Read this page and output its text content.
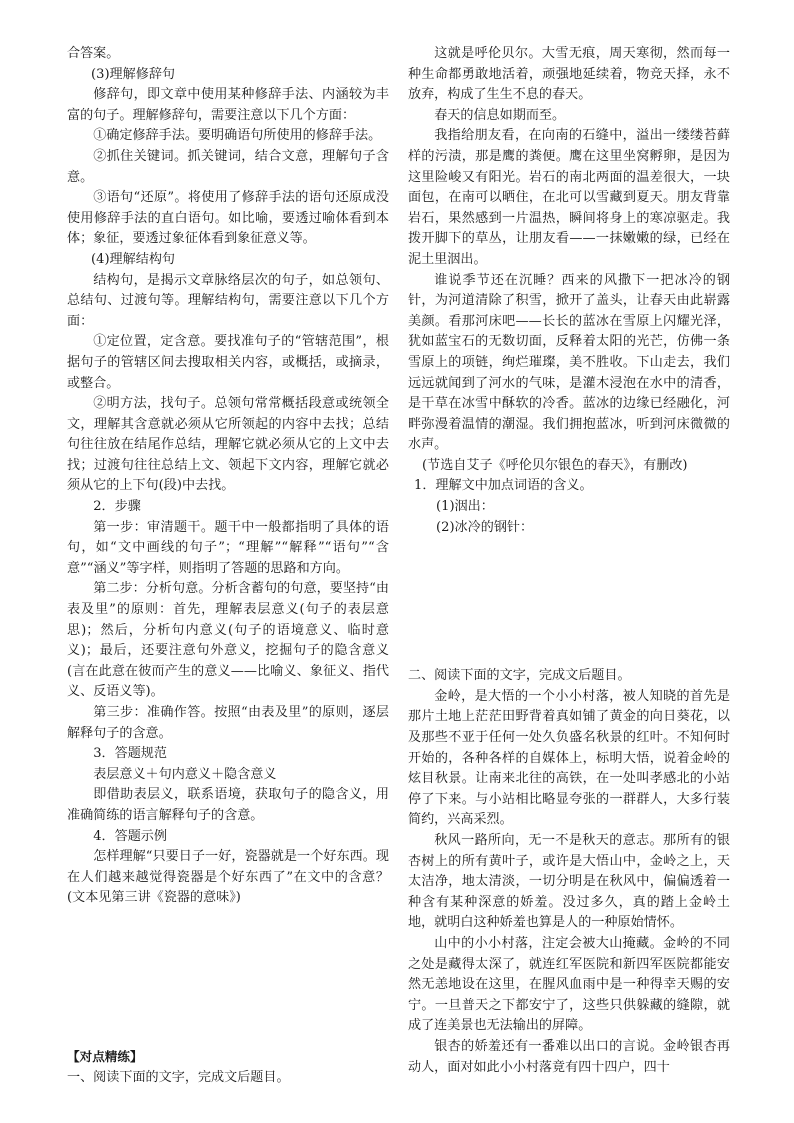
合答案。

(3)理解修辞句

修辞句，即文章中使用某种修辞手法、内涵较为丰富的句子。理解修辞句，需要注意以下几个方面：

①确定修辞手法。要明确语句所使用的修辞手法。

②抓住关键词。抓关键词，结合文意，理解句子含意。

③语句“还原”。将使用了修辞手法的语句还原成没使用修辞手法的直白语句。如比喻，要透过喻体看到本体；象征，要透过象征体看到象征意义等。

(4)理解结构句

结构句，是揭示文章脉络层次的句子，如总领句、总结句、过渡句等。理解结构句，需要注意以下几个方面：

①定位置，定含意。要找准句子的“管辖范围”，根据句子的管辖区间去搜取相关内容，或概括，或摘录，或整合。

②明方法，找句子。总领句常常概括段意或统领全文，理解其含意就必须从它所领起的内容中去找；总结句往往放在结尾作总结，理解它就必须从它的上文中去找；过渡句往往总结上文、领起下文内容，理解它就必须从它的上下句(段)中去找。

2．步骤

第一步：审清题干。题干中一般都指明了具体的语句，如“文中画线的句子”；“理解”“解释”“语句”“含意”“涵义”等字样，则指明了答题的思路和方向。

第二步：分析句意。分析含蓄句的句意，要坚持“由表及里”的原则：首先，理解表层意义(句子的表层意思)；然后，分析句内意义(句子的语境意义、临时意义)；最后，还要注意句外意义，挖掘句子的隐含意义(言在此意在彼而产生的意义——比喻义、象征义、指代义、反语义等)。

第三步：准确作答。按照“由表及里”的原则，逐层解释句子的含意。

3．答题规范

表层意义＋句内意义＋隐含意义

即借助表层义，联系语境，获取句子的隐含义，用准确简练的语言解释句子的含意。

4．答题示例

怎样理解“只要日子一好，瓷器就是一个好东西。现在人们越来越觉得瓷器是个好东西了”在文中的含意？(文本见第三讲《瓷器的意味》)

【对点精练】

一、阅读下面的文字，完成文后题目。

这就是呼伦贝尔。大雪无痕，周天寒彻，然而每一种生命都勇敢地活着，顽强地延续着，物竞天择，永不放弃，构成了生生不息的春天。

春天的信息如期而至。

我指给朋友看，在向南的石缝中，溢出一缕缕苔藓样的污渍，那是鹰的粪便。鹰在这里坐窝孵卵，是因为这里险峻又有阳光。岩石的南北两面的温差很大，一块面包，在南可以晒住，在北可以雪藏到夏天。朋友背靠岩石，果然感到一片温热，瞬间将身上的寒凉驱走。我拨开脚下的草丛，让朋友看——一抹嫩嫩的绿，已经在泥土里洇出。

谁说季节还在沉睡？西来的风撒下一把冰冷的钢针，为河道清除了积雪，掀开了盖头，让春天由此崭露美颜。看那河床吧——长长的蓝冰在雪原上闪耀光泽，犹如蓝宝石的无数切面，反释着太阳的光芒，仿佛一条雪原上的项链，绚烂璀璨，美不胜收。下山走去，我们远远就闻到了河水的气味，是灌木浸泡在水中的清香，是干草在冰雪中酥软的冷香。蓝冰的边缘已经融化，河畔弥漫着温情的潮湿。我们拥抱蓝冰，听到河床微微的水声。

(节选自艾子《呼伦贝尔银色的春天》，有删改)

1．理解文中加点词语的含义。

(1)洇出：

(2)冰冷的钢针：

二、阅读下面的文字，完成文后题目。

金岭，是大悟的一个小小村落，被人知晓的首先是那片土地上茫茫田野背着真如铺了黄金的向日葵花，以及那些不亚于任何一处久负盛名秋景的红叶。不知何时开始的，各种各样的自媒体上，标明大悟，说着金岭的炫目秋景。让南来北往的高铁，在一处叫孝感北的小站停了下来。与小站相比略显夸张的一群群人，大多行装简约，兴高采烈。

秋风一路所向，无一不是秋天的意志。那所有的银杏树上的所有黄叶子，或许是大悟山中，金岭之上，天太洁净，地太清淡，一切分明是在秋风中，偏偏透着一种含有某种深意的娇羞。没过多久，真的踏上金岭土地，就明白这种娇羞也算是人的一种原始情怀。

山中的小小村落，注定会被大山掩藏。金岭的不同之处是藏得太深了，就连红军医院和新四军医院都能安然无恙地设在这里，在腥风血雨中是一种得幸天赐的安宁。一旦普天之下都安宁了，这些只供躲藏的缝隙，就成了连美景也无法输出的屏障。

银杏的娇羞还有一番难以出口的言说。金岭银杏再动人，面对如此小小村落竟有四十四户，四十
